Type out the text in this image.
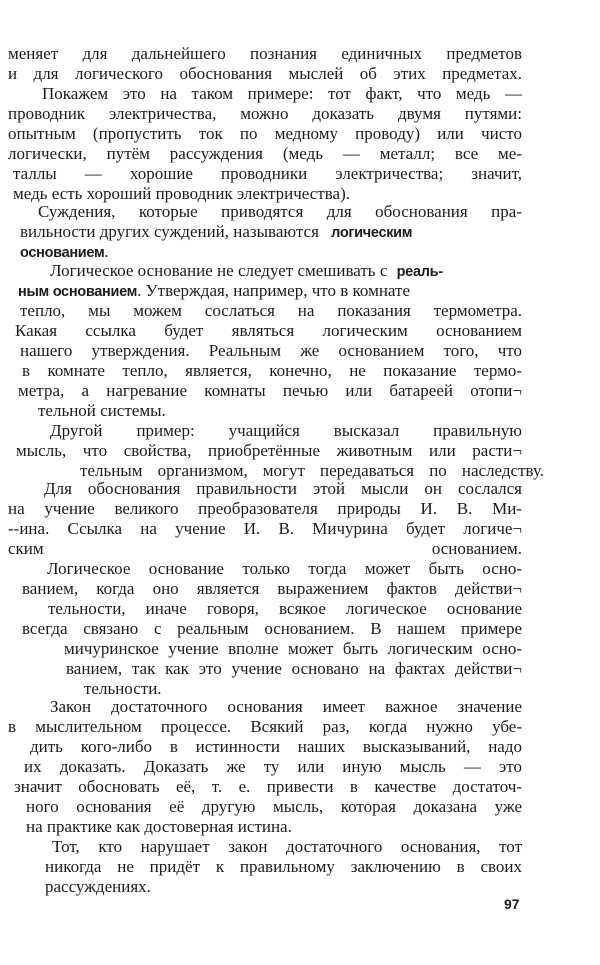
меняет для дальнейшего познания единичных предметов
и для логического обоснования мыслей об этих предметах.
Покажем это на таком примере: тот факт, что медь —
проводник электричества, можно доказать двумя путями:
опытным (пропустить ток по медному проводу) или чисто
логически, путём рассуждения (медь — металл; все ме-
таллы — хорошие проводники электричества; значит,
медь есть хороший проводник электричества).
Суждения, которые приводятся для обоснования пра-
вильности других суждений, называются логическим
основанием.
Логическое основание не следует смешивать с реаль-
ным основанием. Утверждая, например, что в комнате
тепло, мы можем сослаться на показания термометра.
Какая ссылка будет являться логическим основанием
нашего утверждения. Реальным же основанием того, что
в комнате тепло, является, конечно, не показание термо-
метра, а нагревание комнаты печью или батареей отопи¬
тельной системы.
Другой пример: учащийся высказал правильную
мысль, что свойства, приобретённые животным или расти¬
тельным организмом, могут передаваться по наследству.
Для обоснования правильности этой мысли он сослался
на учение великого преобразователя природы И. В. Ми-
--ина. Ссылка на учение И. В. Мичурина будет логиче¬
ским	основанием.
Логическое основание только тогда может быть осно-
ванием, когда оно является выражением фактов действи¬
тельности, иначе говоря, всякое логическое основание
всегда связано с реальным основанием. В нашем примере
мичуринское учение вполне может быть логическим осно-
ванием, так как это учение основано на фактах действи¬
тельности.
Закон достаточного основания имеет важное значение
в мыслительном процессе. Всякий раз, когда нужно убе-
дить кого-либо в истинности наших высказываний, надо
их доказать. Доказать же ту или иную мысль — это
значит обосновать её, т. е. привести в качестве достаточ-
ного основания её другую мысль, которая доказана уже
на практике как достоверная истина.
Тот, кто нарушает закон достаточного основания, тот
никогда не придёт к правильному заключению в своих
рассуждениях.
97
